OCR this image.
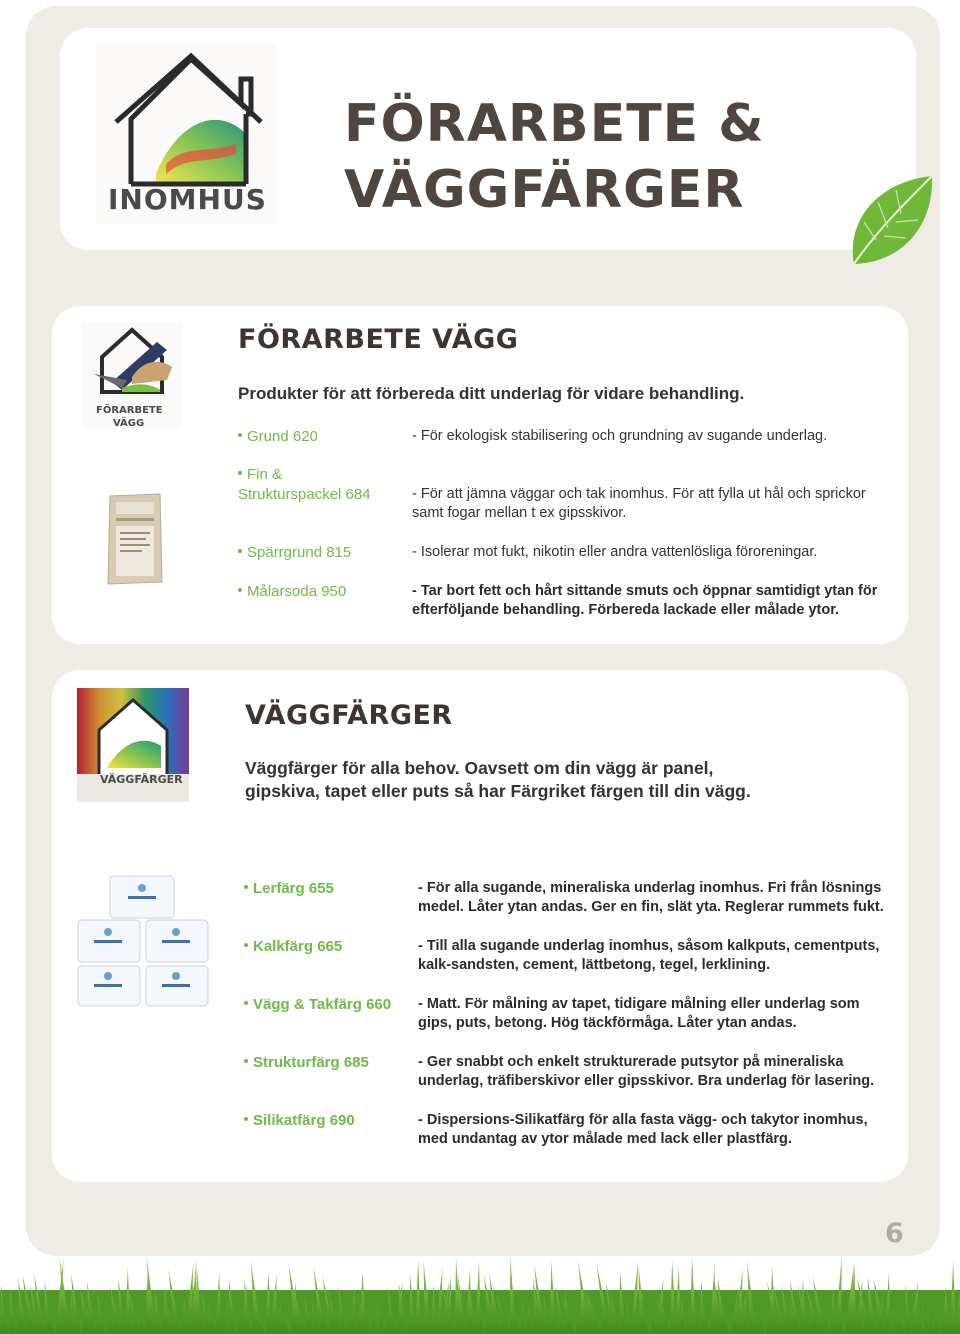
INOMHUS
FÖRARBETE &
VÄGGFÄRGER
FÖRARBETE
VÄGG
FÖRARBETE VÄGG
Produkter för att förbereda ditt underlag för vidare behandling.
Grund 620	- För ekologisk stabilisering och grundning av sugande underlag.
Fin &
Strukturspackel 684	- För att jämna väggar och tak inomhus. För att fylla ut hål och sprickor samt fogar mellan t ex gipsskivor.
Spärrgrund 815	- Isolerar mot fukt, nikotin eller andra vattenlösliga föroreningar.
Målarsoda 950	- Tar bort fett och hårt sittande smuts och öppnar samtidigt ytan för efterföljande behandling. Förbereda lackade eller målade ytor.
VÄGGFÄRGER
VÄGGFÄRGER
Väggfärger för alla behov. Oavsett om din vägg är panel, gipskiva, tapet eller puts så har Färgriket färgen till din vägg.
Lerfärg 655	- För alla sugande, mineraliska underlag inomhus. Fri från lösnings medel. Låter ytan andas. Ger en fin, slät yta. Reglerar rummets fukt.
Kalkfärg 665	- Till alla sugande underlag inomhus, såsom kalkputs, cementputs, kalk-sandsten, cement, lättbetong, tegel, lerklining.
Vägg & Takfärg 660 - Matt. För målning av tapet, tidigare målning eller underlag som gips, puts, betong. Hög täckförmåga. Låter ytan andas.
Strukturfärg 685	- Ger snabbt och enkelt strukturerade putsytor på mineraliska underlag, träfiberskivor eller gipsskivor. Bra underlag för lasering.
Silikatfärg 690	- Dispersions-Silikatfärg för alla fasta vägg- och takytor inomhus, med undantag av ytor målade med lack eller plastfärg.
6
